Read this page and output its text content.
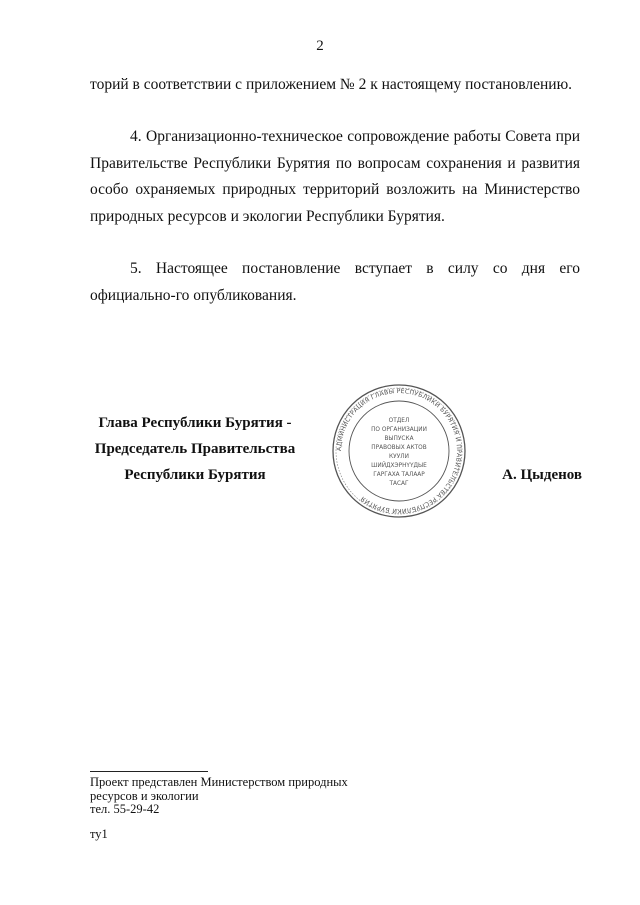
2
торий в соответствии с приложением № 2 к настоящему постановлению.
4. Организационно-техническое сопровождение работы Совета при Правительстве Республики Бурятия по вопросам сохранения и развития особо охраняемых природных территорий возложить на Министерство природных ресурсов и экологии Республики Бурятия.
5. Настоящее постановление вступает в силу со дня его официально-го опубликования.
Глава Республики Бурятия -
Председатель Правительства
Республики Бурятия
АДМИНИСТРАЦИЯ ГЛАВЫ РЕСПУБЛИКИ БУРЯТИЯ И ПРАВИТЕЛЬСТВА РЕСПУБЛИКИ БУРЯТИЯ
ОТДЕЛ
ПО ОРГАНИЗАЦИИ
ВЫПУСКА
ПРАВОВЫХ АКТОВ
КУУЛИ
ШИЙДХЭРНҮҮДЫЕ
ГАРГАХА ТАЛААР
ТАСАГ
А. Цыденов
Проект представлен Министерством природных
ресурсов и экологии
тел. 55-29-42
ту1
